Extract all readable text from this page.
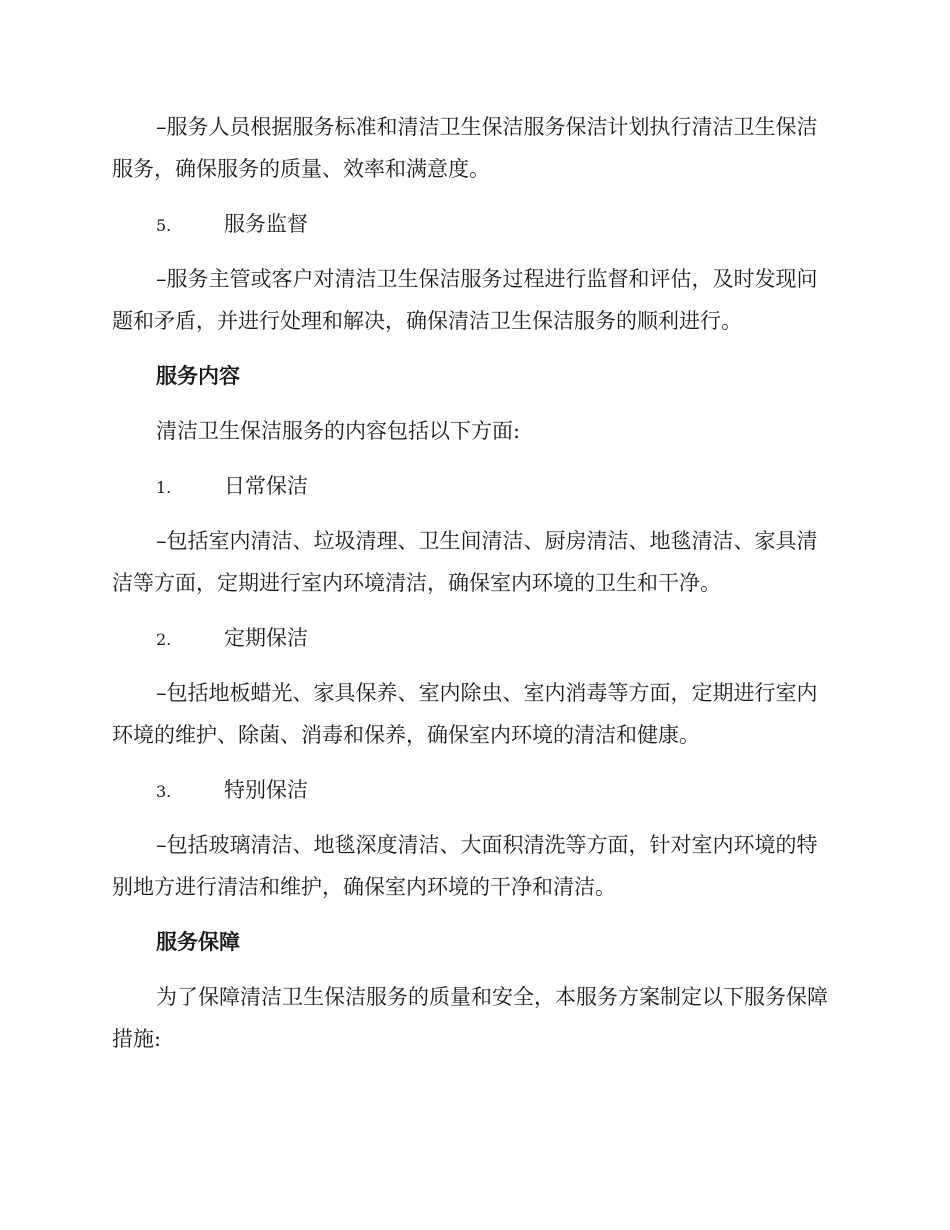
–服务人员根据服务标准和清洁卫生保洁服务保洁计划执行清洁卫生保洁服务，确保服务的质量、效率和满意度。
5.	服务监督
–服务主管或客户对清洁卫生保洁服务过程进行监督和评估，及时发现问题和矛盾，并进行处理和解决，确保清洁卫生保洁服务的顺利进行。
服务内容
清洁卫生保洁服务的内容包括以下方面:
1.	日常保洁
–包括室内清洁、垃圾清理、卫生间清洁、厨房清洁、地毯清洁、家具清洁等方面，定期进行室内环境清洁，确保室内环境的卫生和干净。
2.	定期保洁
–包括地板蜡光、家具保养、室内除虫、室内消毒等方面，定期进行室内环境的维护、除菌、消毒和保养，确保室内环境的清洁和健康。
3.	特别保洁
–包括玻璃清洁、地毯深度清洁、大面积清洗等方面，针对室内环境的特别地方进行清洁和维护，确保室内环境的干净和清洁。
服务保障
为了保障清洁卫生保洁服务的质量和安全，本服务方案制定以下服务保障措施:
